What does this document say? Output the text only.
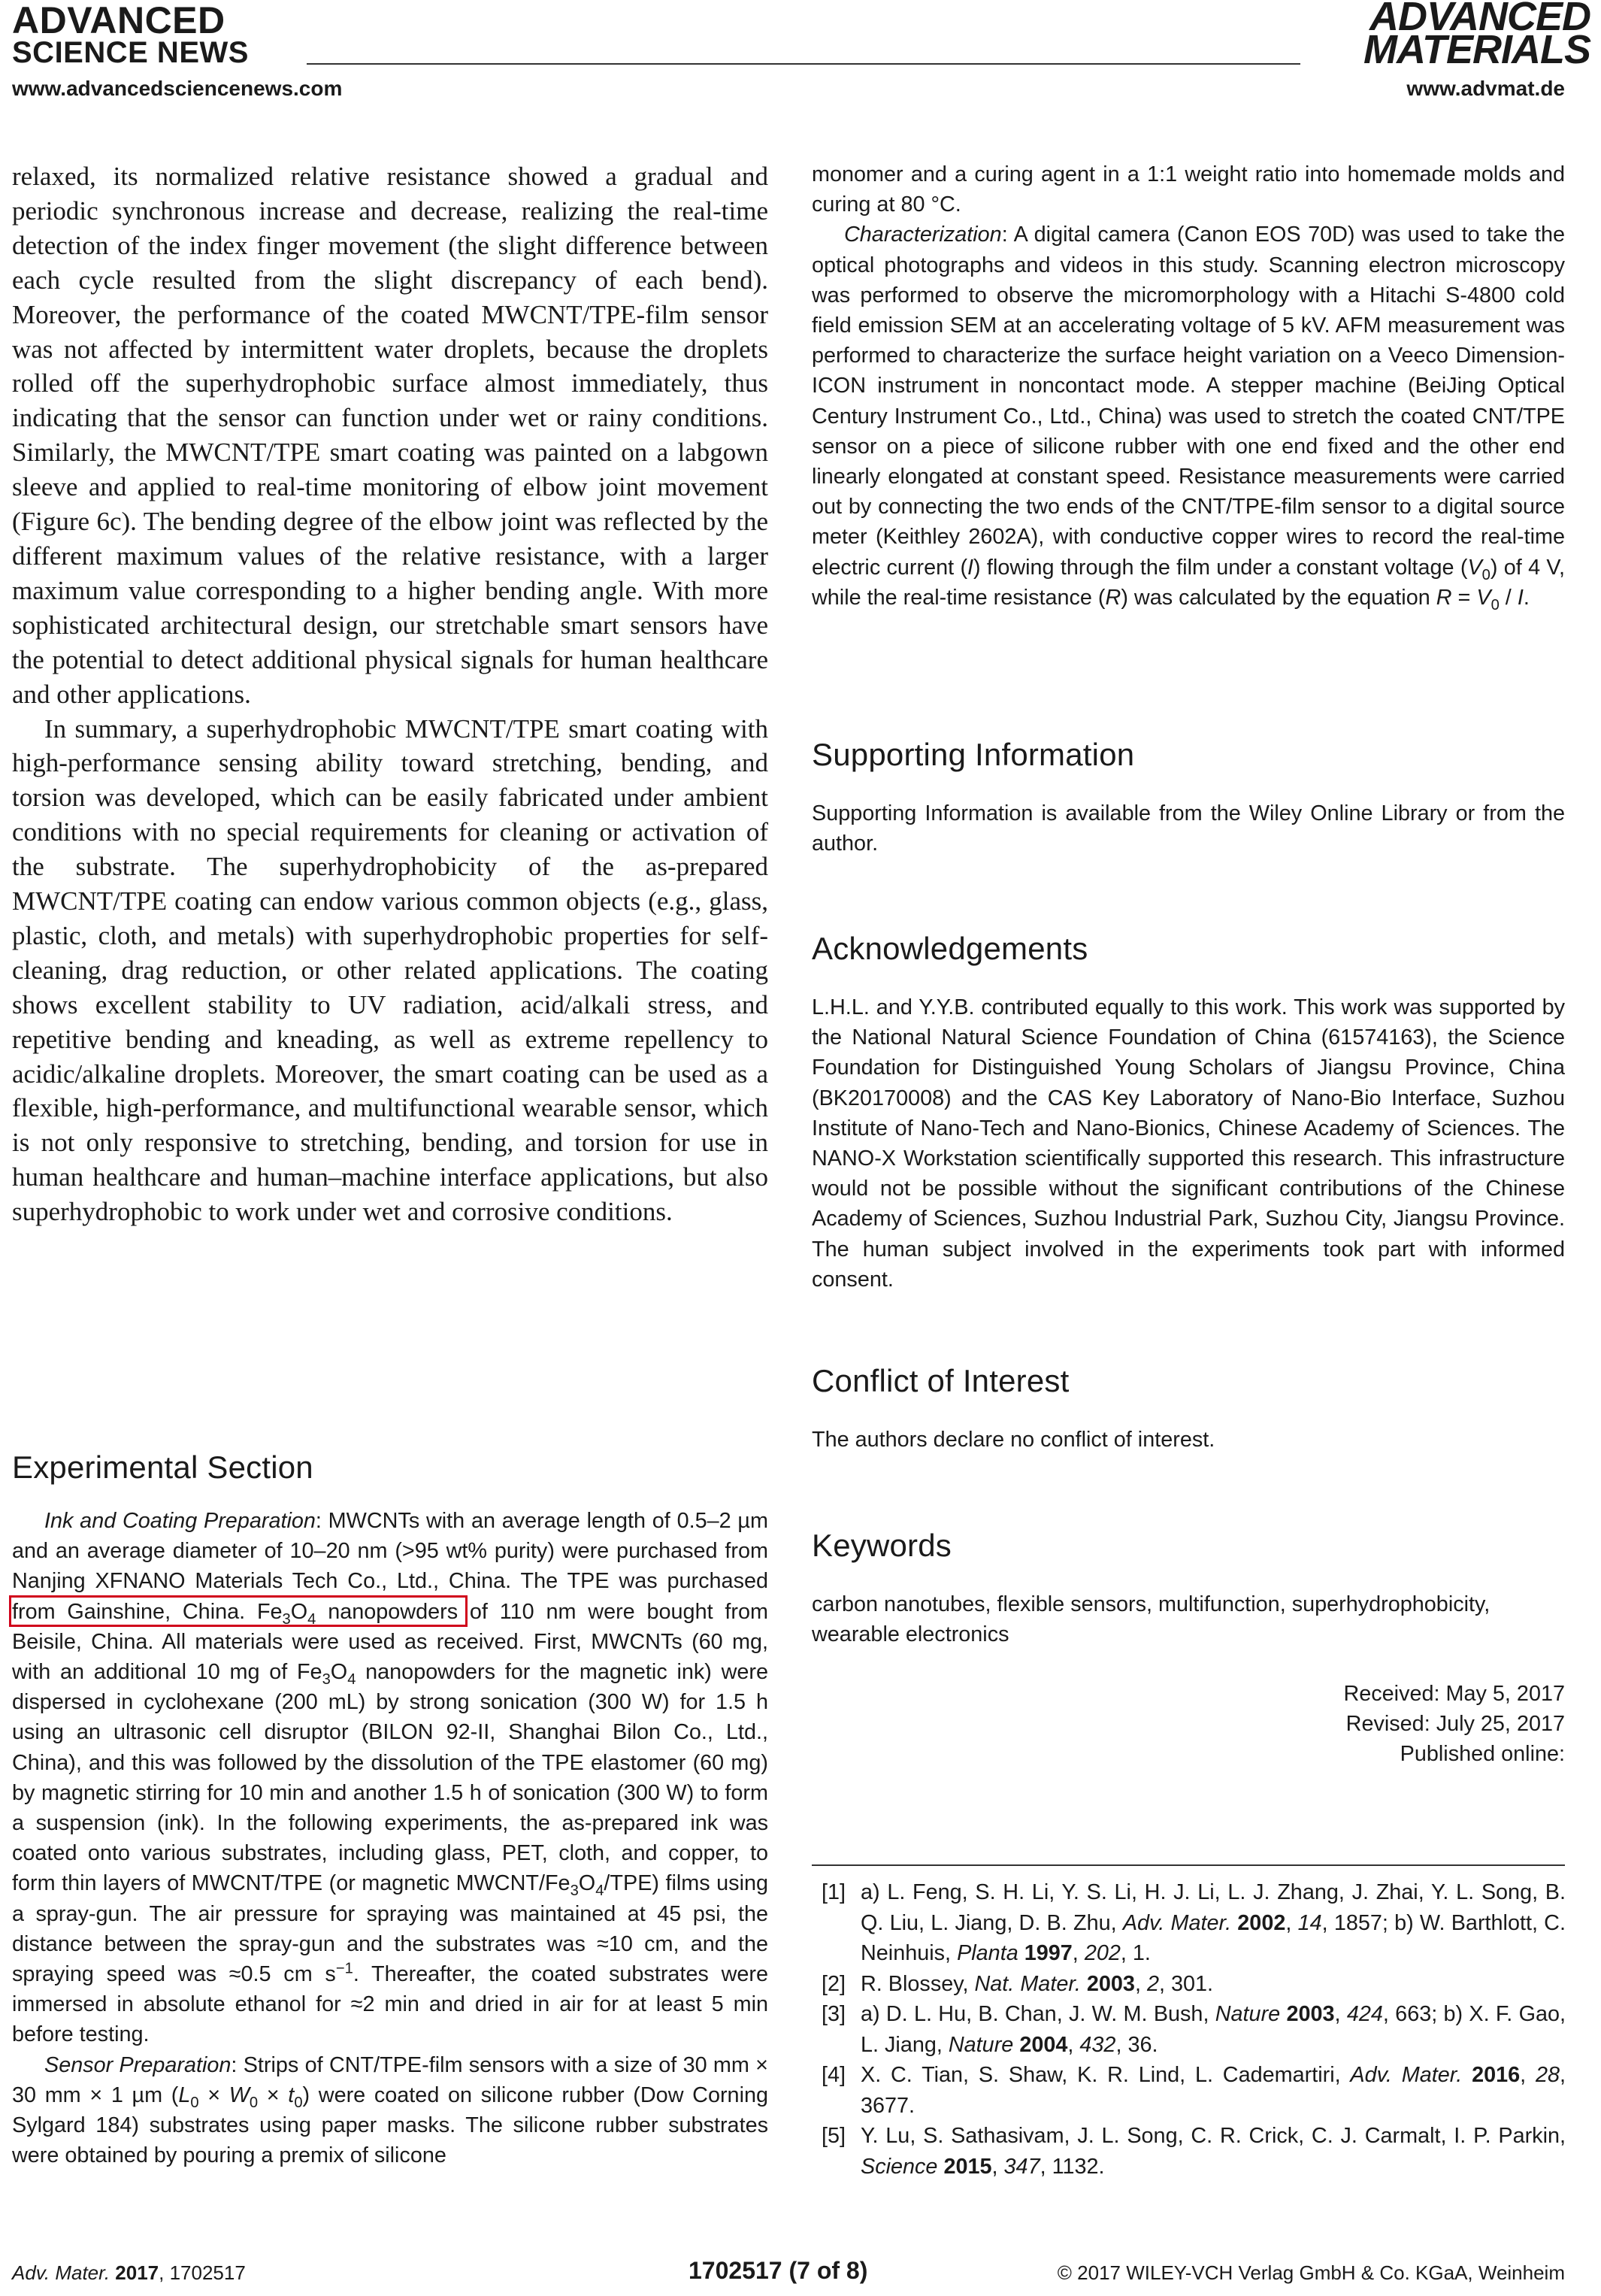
ADVANCED
SCIENCE NEWS
www.advancedsciencenews.com
ADVANCED
MATERIALS
www.advmat.de

relaxed, its normalized relative resistance showed a gradual and periodic synchronous increase and decrease, realizing the real-time detection of the index finger movement (the slight difference between each cycle resulted from the slight discrepancy of each bend). Moreover, the performance of the coated MWCNT/TPE-film sensor was not affected by intermittent water droplets, because the droplets rolled off the superhydrophobic surface almost immediately, thus indicating that the sensor can function under wet or rainy conditions. Similarly, the MWCNT/TPE smart coating was painted on a labgown sleeve and applied to real-time monitoring of elbow joint movement (Figure 6c). The bending degree of the elbow joint was reflected by the different maximum values of the relative resistance, with a larger maximum value corresponding to a higher bending angle. With more sophisticated architectural design, our stretchable smart sensors have the potential to detect additional physical signals for human healthcare and other applications.

In summary, a superhydrophobic MWCNT/TPE smart coating with high-performance sensing ability toward stretching, bending, and torsion was developed, which can be easily fabricated under ambient conditions with no special requirements for cleaning or activation of the substrate. The superhydrophobicity of the as-prepared MWCNT/TPE coating can endow various common objects (e.g., glass, plastic, cloth, and metals) with superhydrophobic properties for self-cleaning, drag reduction, or other related applications. The coating shows excellent stability to UV radiation, acid/alkali stress, and repetitive bending and kneading, as well as extreme repellency to acidic/alkaline droplets. Moreover, the smart coating can be used as a flexible, high-performance, and multifunctional wearable sensor, which is not only responsive to stretching, bending, and torsion for use in human healthcare and human–machine interface applications, but also superhydrophobic to work under wet and corrosive conditions.

Experimental Section

Ink and Coating Preparation: MWCNTs with an average length of 0.5–2 µm and an average diameter of 10–20 nm (>95 wt% purity) were purchased from Nanjing XFNANO Materials Tech Co., Ltd., China. The TPE was purchased from Gainshine, China. $Fe_3O_4$ nanopowders of 110 nm were bought from Beisile, China. All materials were used as received. First, MWCNTs (60 mg, with an additional 10 mg of $Fe_3O_4$ nanopowders for the magnetic ink) were dispersed in cyclohexane (200 mL) by strong sonication (300 W) for 1.5 h using an ultrasonic cell disruptor (BILON 92-II, Shanghai Bilon Co., Ltd., China), and this was followed by the dissolution of the TPE elastomer (60 mg) by magnetic stirring for 10 min and another 1.5 h of sonication (300 W) to form a suspension (ink). In the following experiments, the as-prepared ink was coated onto various substrates, including glass, PET, cloth, and copper, to form thin layers of MWCNT/TPE (or magnetic MWCNT/$Fe_3O_4/TPE$) films using a spray-gun. The air pressure for spraying was maintained at 45 psi, the distance between the spray-gun and the substrates was ≈10 cm, and the spraying speed was ≈0.5 cm $s^{-1}$. Thereafter, the coated substrates were immersed in absolute ethanol for ≈2 min and dried in air for at least 5 min before testing.

Sensor Preparation: Strips of CNT/TPE-film sensors with a size of 30 mm × 30 mm × 1 µm $(L_0 \times W_0 \times t_0)$ were coated on silicone rubber (Dow Corning Sylgard 184) substrates using paper masks. The silicone rubber substrates were obtained by pouring a premix of silicone

monomer and a curing agent in a 1:1 weight ratio into homemade molds and curing at 80 °C.

Characterization: A digital camera (Canon EOS 70D) was used to take the optical photographs and videos in this study. Scanning electron microscopy was performed to observe the micromorphology with a Hitachi S-4800 cold field emission SEM at an accelerating voltage of 5 kV. AFM measurement was performed to characterize the surface height variation on a Veeco Dimension-ICON instrument in noncontact mode. A stepper machine (BeiJing Optical Century Instrument Co., Ltd., China) was used to stretch the coated CNT/TPE sensor on a piece of silicone rubber with one end fixed and the other end linearly elongated at constant speed. Resistance measurements were carried out by connecting the two ends of the CNT/TPE-film sensor to a digital source meter (Keithley 2602A), with conductive copper wires to record the real-time electric current (I) flowing through the film under a constant voltage $(V_0)$ of 4 V, while the real-time resistance (R) was calculated by the equation $R = V_0 / I$.

Supporting Information

Supporting Information is available from the Wiley Online Library or from the author.

Acknowledgements

L.H.L. and Y.Y.B. contributed equally to this work. This work was supported by the National Natural Science Foundation of China (61574163), the Science Foundation for Distinguished Young Scholars of Jiangsu Province, China (BK20170008) and the CAS Key Laboratory of Nano-Bio Interface, Suzhou Institute of Nano-Tech and Nano-Bionics, Chinese Academy of Sciences. The NANO-X Workstation scientifically supported this research. This infrastructure would not be possible without the significant contributions of the Chinese Academy of Sciences, Suzhou Industrial Park, Suzhou City, Jiangsu Province. The human subject involved in the experiments took part with informed consent.

Conflict of Interest

The authors declare no conflict of interest.

Keywords

carbon nanotubes, flexible sensors, multifunction, superhydrophobicity, wearable electronics

Received: May 5, 2017
Revised: July 25, 2017
Published online:
[1] a) L. Feng, S. H. Li, Y. S. Li, H. J. Li, L. J. Zhang, J. Zhai, Y. L. Song, B. Q. Liu, L. Jiang, D. B. Zhu, Adv. Mater. 2002, 14, 1857; b) W. Barthlott, C. Neinhuis, Planta 1997, 202, 1.
[2] R. Blossey, Nat. Mater. 2003, 2, 301.
[3] a) D. L. Hu, B. Chan, J. W. M. Bush, Nature 2003, 424, 663; b) X. F. Gao, L. Jiang, Nature 2004, 432, 36.
[4] X. C. Tian, S. Shaw, K. R. Lind, L. Cademartiri, Adv. Mater. 2016, 28, 3677.
[5] Y. Lu, S. Sathasivam, J. L. Song, C. R. Crick, C. J. Carmalt, I. P. Parkin, Science 2015, 347, 1132.
Adv. Mater. 2017, 1702517	1702517 (7 of 8)	© 2017 WILEY-VCH Verlag GmbH & Co. KGaA, Weinheim
